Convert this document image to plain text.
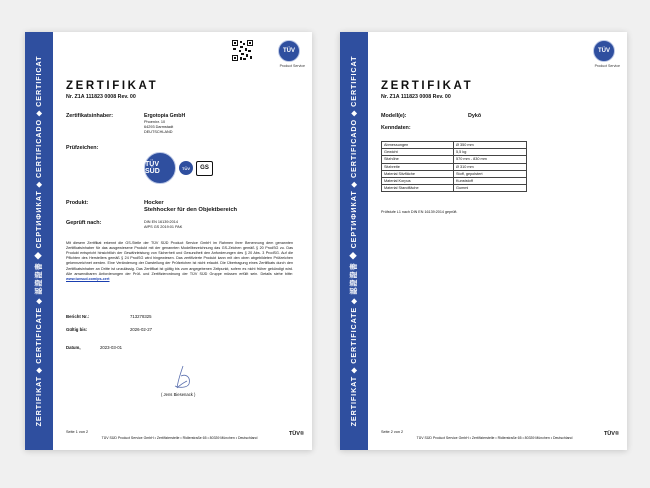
ZERTIFIKAT ◆ CERTIFICATE ◆ 認證證書 ◆ СЕРТИФИКАТ ◆ CERTIFICADO ◆ CERTIFICAT
TÜV
Product Service
ZERTIFIKAT
Nr. Z1A 111823 0008 Rev. 00
Zertifikatsinhaber:	Ergotopia GmbH
Phoenixr. 10
64293 Darmstadt
DEUTSCHLAND
Prüfzeichen:
TÜV SÜD	TÜV	GS
Produkt:	Hocker
Stehhocker für den Objektbereich
Geprüft nach:	DIN EN 16139:2014
AfPS GS 2019:01 PAK
Mit diesem Zertifikat erkennt die GS-Stelle der TÜV SÜD Product Service GmbH im Rahmen ihrer Benennung dem genannten Zertifikatsinhaber für das ausgewiesene Produkt mit der genannten Modellbezeichnung das GS-Zeichen gemäß § 20 ProdSG zu. Das Produkt entspricht hinsichtlich der Gewährleistung von Sicherheit und Gesundheit den Anforderungen des § 20 Abs. 3 ProdSG. Auf die Pflichten des Herstellers gemäß § 24 ProdSG wird hingewiesen. Das zertifizierte Produkt kann mit den oben abgebildeten Prüfzeichen gekennzeichnet werden. Eine Veränderung der Darstellung der Prüfzeichen ist nicht erlaubt. Die Übertragung eines Zertifikats durch den Zertifikatsinhaber an Dritte ist unzulässig. Das Zertifikat ist gültig bis zum angegebenen Zeitpunkt, sofern es nicht früher gekündigt wird. Alle anwendbaren Anforderungen der Prüf- und Zertifizierordnung der TÜV SÜD Gruppe müssen erfüllt sein. Details siehe bitte: www.tuvsud.com/ps-cert
Bericht Nr.:	713278325
Gültig bis:	2026-02-27
Datum,	2023-03-01
( Jens Biesenack )
Seite 1 von 2
TÜV SÜD Product Service GmbH • Zertifizierstelle • Ridlerstraße 65 • 80339 München • Deutschland
TÜV®
ZERTIFIKAT ◆ CERTIFICATE ◆ 認證證書 ◆ СЕРТИФИКАТ ◆ CERTIFICADO ◆ CERTIFICAT
TÜV
Product Service
ZERTIFIKAT
Nr. Z1A 111823 0008 Rev. 00
Modell(e):	Dykō
Kenndaten:
Abmessungen	Ø 350 mm
Gewicht	5,5 kg
Sitzhöhe	570 mm - 830 mm
Sitzbreite	Ø 310 mm
Material Sitzfläche	Stoff, gepolstert
Material Korpus	Kunststoff
Material Standfläche	Gummi
Prüfstufe L1 nach DIN EN 16139:2014 geprüft.
Seite 2 von 2
TÜV SÜD Product Service GmbH • Zertifizierstelle • Ridlerstraße 65 • 80339 München • Deutschland
TÜV®
